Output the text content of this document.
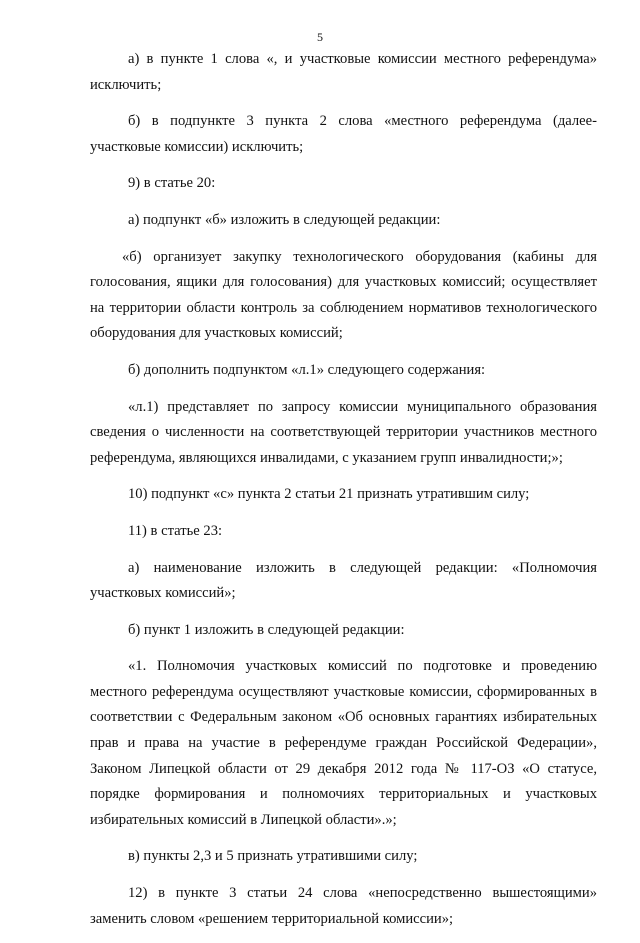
5

а) в пункте 1 слова «, и участковые комиссии местного референдума» исключить;

б) в подпункте 3 пункта 2 слова «местного референдума (далее-участковые комиссии) исключить;

9) в статье 20:

а) подпункт «б» изложить в следующей редакции:

«б) организует закупку технологического оборудования (кабины для голосования, ящики для голосования) для участковых комиссий; осуществляет на территории области контроль за соблюдением нормативов технологического оборудования для участковых комиссий;

б) дополнить подпунктом «л.1» следующего содержания:

«л.1) представляет по запросу комиссии муниципального образования сведения о численности на соответствующей территории участников местного референдума, являющихся инвалидами, с указанием групп инвалидности;»;

10) подпункт «с» пункта 2 статьи 21 признать утратившим силу;

11) в статье 23:

а) наименование изложить в следующей редакции: «Полномочия участковых комиссий»;

б) пункт 1 изложить в следующей редакции:

«1. Полномочия участковых комиссий по подготовке и проведению местного референдума осуществляют участковые комиссии, сформированных в соответствии с Федеральным законом «Об основных гарантиях избирательных прав и права на участие в референдуме граждан Российской Федерации», Законом Липецкой области от 29 декабря 2012 года № 117-ОЗ «О статусе, порядке формирования и полномочиях территориальных и участковых избирательных комиссий в Липецкой области».»;

в) пункты 2,3 и 5 признать утратившими силу;

12) в пункте 3 статьи 24 слова «непосредственно вышестоящими» заменить словом «решением территориальной комиссии»;
